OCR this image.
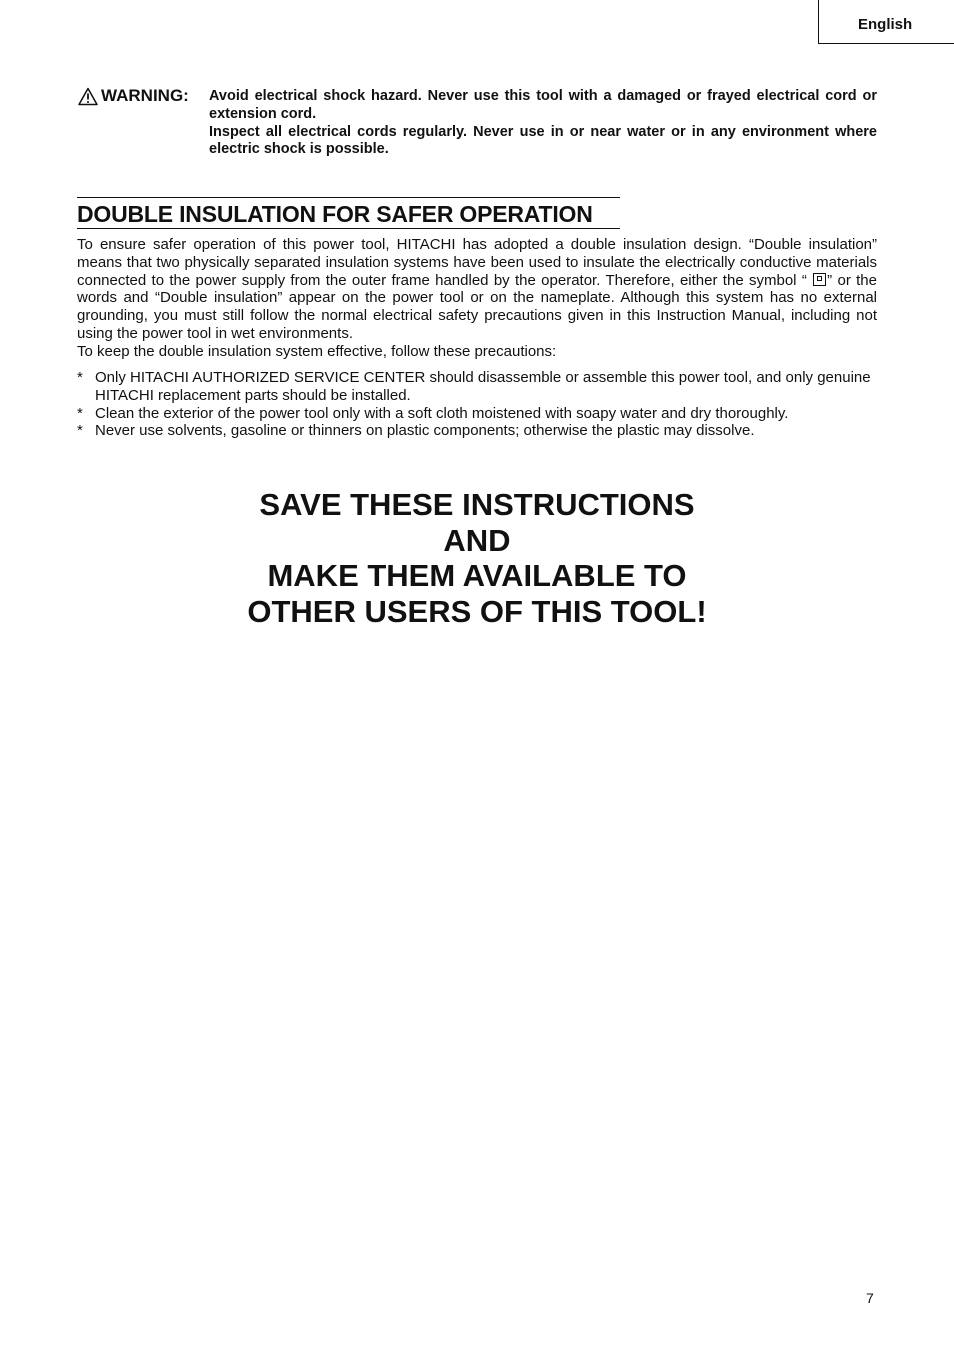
English
WARNING: Avoid electrical shock hazard. Never use this tool with a damaged or frayed electrical cord or extension cord.

Inspect all electrical cords regularly. Never use in or near water or in any environment where electric shock is possible.

DOUBLE INSULATION FOR SAFER OPERATION

To ensure safer operation of this power tool, HITACHI has adopted a double insulation design. “Double insulation” means that two physically separated insulation systems have been used to insulate the electrically conductive materials connected to the power supply from the outer frame handled by the operator. Therefore, either the symbol “ ” or the words and “Double insulation” appear on the power tool or on the nameplate. Although this system has no external grounding, you must still follow the normal electrical safety precautions given in this Instruction Manual, including not using the power tool in wet environments.

To keep the double insulation system effective, follow these precautions:

* Only HITACHI AUTHORIZED SERVICE CENTER should disassemble or assemble this power tool, and only genuine HITACHI replacement parts should be installed.
* Clean the exterior of the power tool only with a soft cloth moistened with soapy water and dry thoroughly.
* Never use solvents, gasoline or thinners on plastic components; otherwise the plastic may dissolve.
SAVE THESE INSTRUCTIONS
AND
MAKE THEM AVAILABLE TO
OTHER USERS OF THIS TOOL!
7
